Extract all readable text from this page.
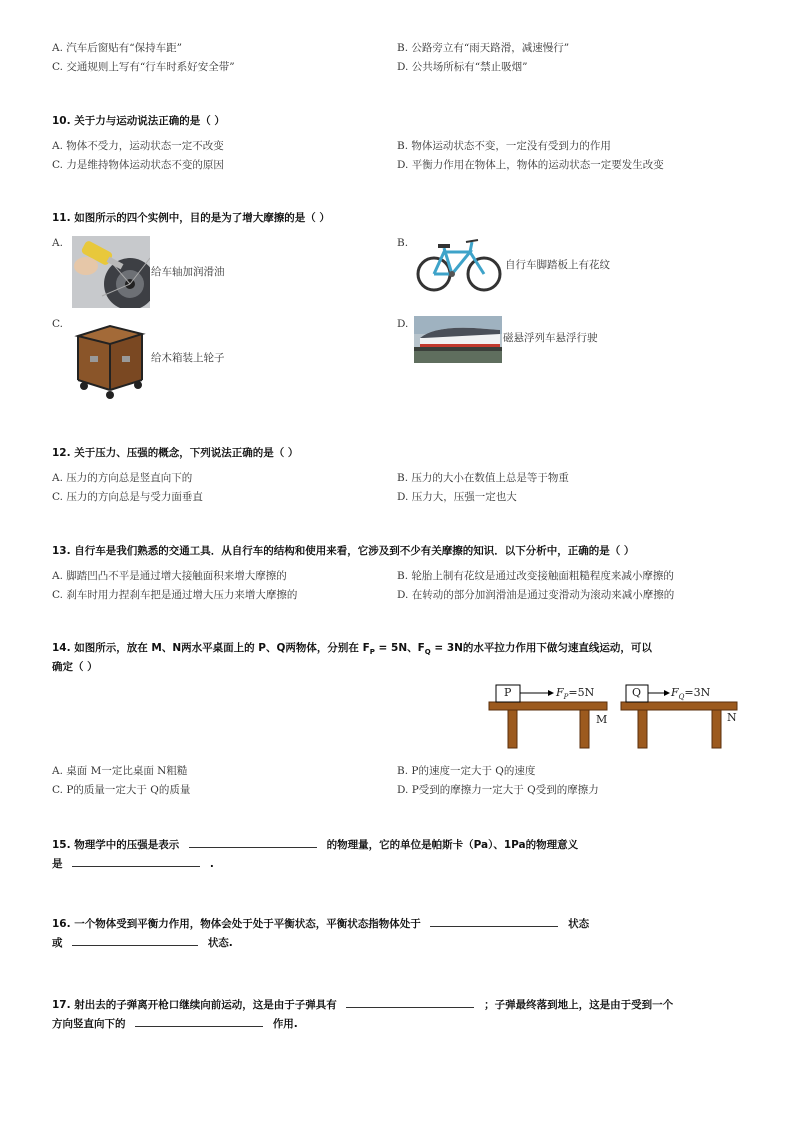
A. 汽车后窗贴有“保持车距”	B. 公路旁立有“雨天路滑，减速慢行”
C. 交通规则上写有“行车时系好安全带”	D. 公共场所标有“禁止吸烟”
10. 关于力与运动说法正确的是（ ）
A. 物体不受力，运动状态一定不改变	B. 物体运动状态不变，一定没有受到力的作用
C. 力是维持物体运动状态不变的原因	D. 平衡力作用在物体上，物体的运动状态一定要发生改变
11. 如图所示的四个实例中，目的是为了增大摩擦的是（ ）
A.
给车轴加润滑油
B.
自行车脚踏板上有花纹
C.
给木箱装上轮子
D.
磁悬浮列车悬浮行驶
12. 关于压力、压强的概念，下列说法正确的是（ ）
A. 压力的方向总是竖直向下的	B. 压力的大小在数值上总是等于物重
C. 压力的方向总是与受力面垂直	D. 压力大，压强一定也大
13. 自行车是我们熟悉的交通工具．从自行车的结构和使用来看，它涉及到不少有关摩擦的知识．以下分析中，正确的是（ ）
A. 脚踏凹凸不平是通过增大接触面积来增大摩擦的	B. 轮胎上制有花纹是通过改变接触面粗糙程度来减小摩擦的
C. 刹车时用力捏刹车把是通过增大压力来增大摩擦的	D. 在转动的部分加润滑油是通过变滑动为滚动来减小摩擦的
14. 如图所示，放在 M、N两水平桌面上的 P、Q两物体，分别在 $F_P = 5N$、$F_Q = 3N$的水平拉力作用下做匀速直线运动，可以
确定（ ）
P	$F_P=5N$
M
Q	$F_Q=3N$
N
A. 桌面 M一定比桌面 N粗糙	B. P的速度一定大于 Q的速度
C. P的质量一定大于 Q的质量	D. P受到的摩擦力一定大于 Q受到的摩擦力
15. 物理学中的压强是表示	的物理量，它的单位是帕斯卡（Pa）、1Pa的物理意义
是	.
16. 一个物体受到平衡力作用，物体会处于处于平衡状态，平衡状态指物体处于	状态
或	状态.
17. 射出去的子弹离开枪口继续向前运动，这是由于子弹具有	；子弹最终落到地上，这是由于受到一个
方向竖直向下的	作用.
